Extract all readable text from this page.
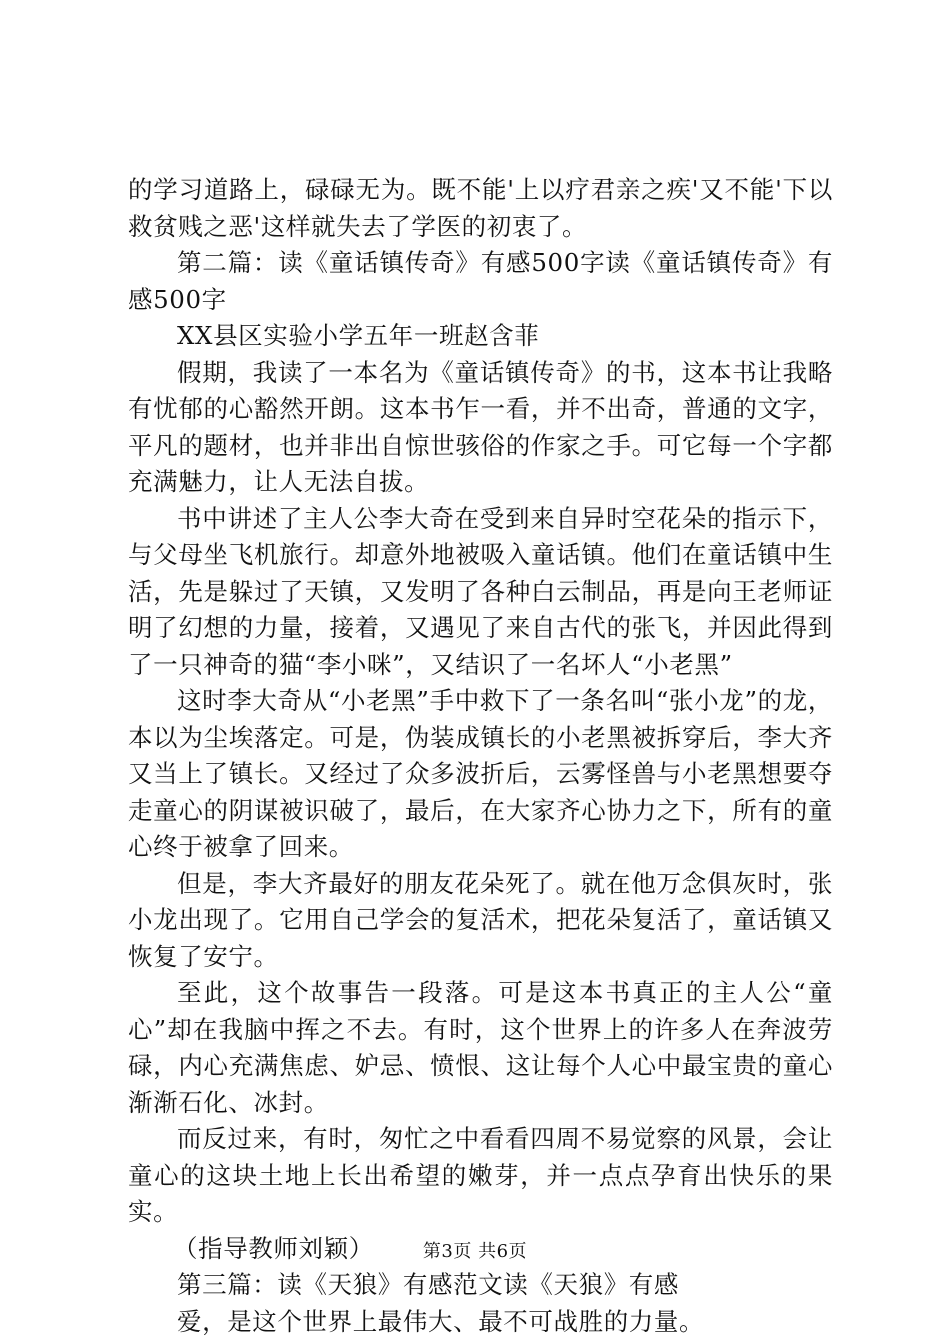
的学习道路上，碌碌无为。既不能'上以疗君亲之疾'又不能'下以救贫贱之恶'这样就失去了学医的初衷了。

第二篇：读《童话镇传奇》有感500字读《童话镇传奇》有感500字

XX县区实验小学五年一班赵含菲

假期，我读了一本名为《童话镇传奇》的书，这本书让我略有忧郁的心豁然开朗。这本书乍一看，并不出奇，普通的文字，平凡的题材，也并非出自惊世骇俗的作家之手。可它每一个字都充满魅力，让人无法自拔。

书中讲述了主人公李大奇在受到来自异时空花朵的指示下，与父母坐飞机旅行。却意外地被吸入童话镇。他们在童话镇中生活，先是躲过了天镇，又发明了各种白云制品，再是向王老师证明了幻想的力量，接着，又遇见了来自古代的张飞，并因此得到了一只神奇的猫“李小咪”，又结识了一名坏人“小老黑”

这时李大奇从“小老黑”手中救下了一条名叫“张小龙”的龙，本以为尘埃落定。可是，伪装成镇长的小老黑被拆穿后，李大齐又当上了镇长。又经过了众多波折后，云雾怪兽与小老黑想要夺走童心的阴谋被识破了，最后，在大家齐心协力之下，所有的童心终于被拿了回来。

但是，李大齐最好的朋友花朵死了。就在他万念俱灰时，张小龙出现了。它用自己学会的复活术，把花朵复活了，童话镇又恢复了安宁。

至此，这个故事告一段落。可是这本书真正的主人公“童心”却在我脑中挥之不去。有时，这个世界上的许多人在奔波劳碌，内心充满焦虑、妒忌、愤恨、这让每个人心中最宝贵的童心渐渐石化、冰封。

而反过来，有时，匆忙之中看看四周不易觉察的风景，会让童心的这块土地上长出希望的嫩芽，并一点点孕育出快乐的果实。

（指导教师刘颖）

第三篇：读《天狼》有感范文读《天狼》有感

爱，是这个世界上最伟大、最不可战胜的力量。

第3页 共6页
